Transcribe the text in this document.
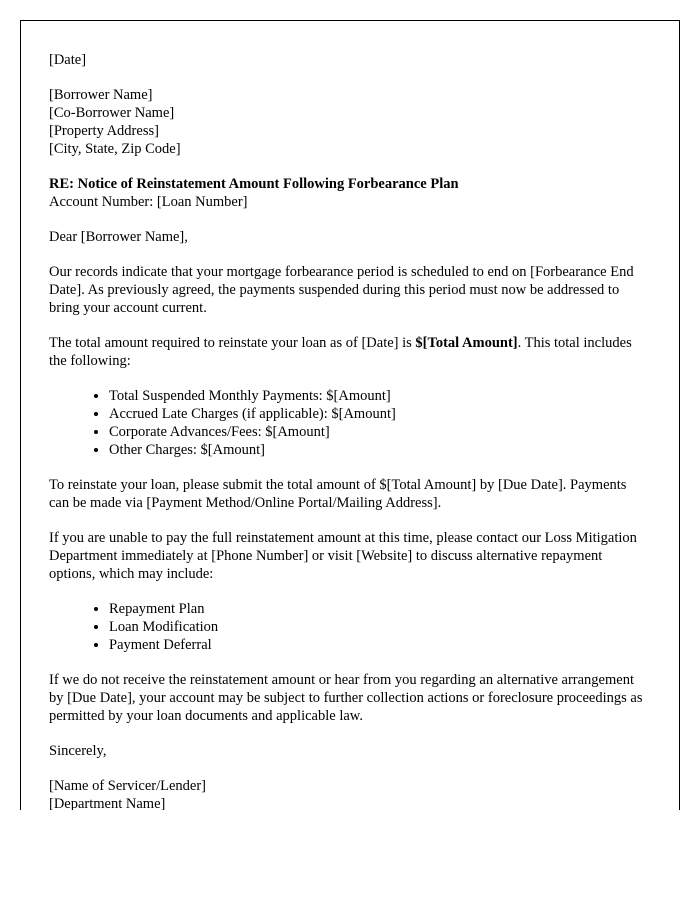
[Date]

[Borrower Name]
[Co-Borrower Name]
[Property Address]
[City, State, Zip Code]
RE: Notice of Reinstatement Amount Following Forbearance Plan
Account Number: [Loan Number]

Dear [Borrower Name],

Our records indicate that your mortgage forbearance period is scheduled to end on [Forbearance End Date]. As previously agreed, the payments suspended during this period must now be addressed to bring your account current.

The total amount required to reinstate your loan as of [Date] is $[Total Amount]. This total includes the following:

• Total Suspended Monthly Payments: $[Amount]
• Accrued Late Charges (if applicable): $[Amount]
• Corporate Advances/Fees: $[Amount]
• Other Charges: $[Amount]

To reinstate your loan, please submit the total amount of $[Total Amount] by [Due Date]. Payments can be made via [Payment Method/Online Portal/Mailing Address].

If you are unable to pay the full reinstatement amount at this time, please contact our Loss Mitigation Department immediately at [Phone Number] or visit [Website] to discuss alternative repayment options, which may include:

• Repayment Plan
• Loan Modification
• Payment Deferral

If we do not receive the reinstatement amount or hear from you regarding an alternative arrangement by [Due Date], your account may be subject to further collection actions or foreclosure proceedings as permitted by your loan documents and applicable law.

Sincerely,

[Name of Servicer/Lender]
[Department Name]
